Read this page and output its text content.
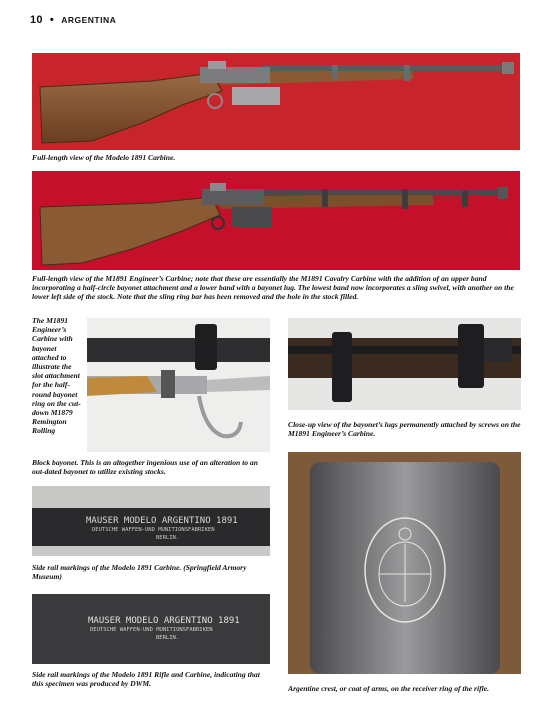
10 • ARGENTINA
Full-length view of the Modelo 1891 Carbine.
Full-length view of the M1891 Engineer’s Carbine; note that these are essentially the M1891 Cavalry Carbine with the addition of an upper band incorporating a half-circle bayonet attachment and a lower band with a bayonet lug. The lowest band now incorporates a sling swivel, with another on the lower left side of the stock. Note that the sling ring bar has been removed and the hole in the stock filled.
The M1891 Engineer’s Carbine with bayonet attached to illustrate the slot attachment for the half-round bayonet ring on the cut-down M1879 Remington Rolling
Block bayonet. This is an altogether ingenious use of an alteration to an out-dated bayonet to utilize existing stocks.
Close-up view of the bayonet’s lugs permanently attached by screws on the M1891 Engineer’s Carbine.
MAUSER MODELO ARGENTINO 1891
DEUTSCHE WAFFEN-UND MUNITIONSFABRIKEN
BERLIN.
Side rail markings of the Modelo 1891 Carbine. (Springfield Armory Museum)
MAUSER MODELO ARGENTINO 1891
DEUTSCHE WAFFEN-UND MUNITIONSFABRIKEN
BERLIN.
Side rail markings of the Modelo 1891 Rifle and Carbine, indicating that this specimen was produced by DWM.
Argentine crest, or coat of arms, on the receiver ring of the rifle.
